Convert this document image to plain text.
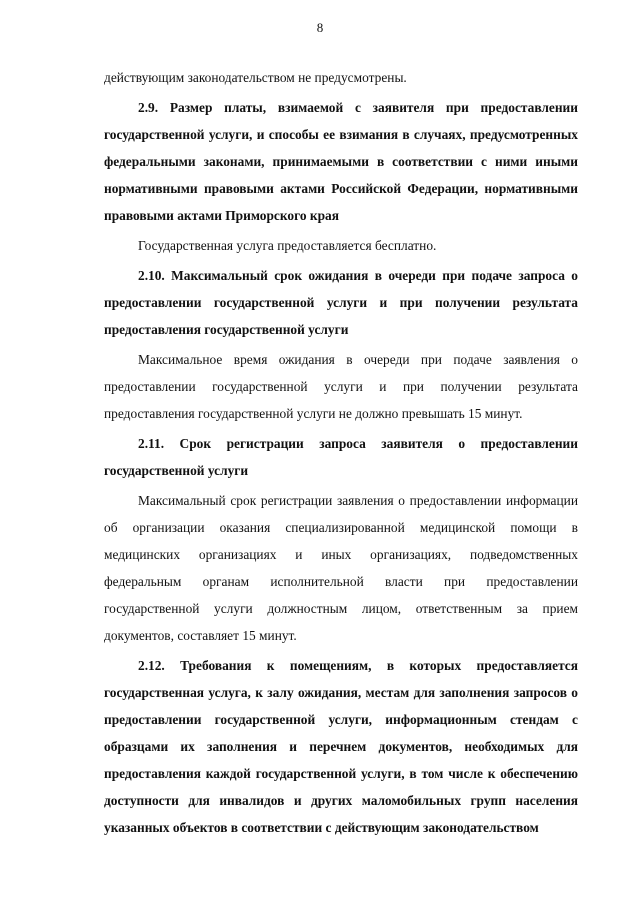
8

действующим законодательством не предусмотрены.

2.9. Размер платы, взимаемой с заявителя при предоставлении государственной услуги, и способы ее взимания в случаях, предусмотренных федеральными законами, принимаемыми в соответствии с ними иными нормативными правовыми актами Российской Федерации, нормативными правовыми актами Приморского края

Государственная услуга предоставляется бесплатно.

2.10. Максимальный срок ожидания в очереди при подаче запроса о предоставлении государственной услуги и при получении результата предоставления государственной услуги

Максимальное время ожидания в очереди при подаче заявления о предоставлении государственной услуги и при получении результата предоставления государственной услуги не должно превышать 15 минут.

2.11. Срок регистрации запроса заявителя о предоставлении государственной услуги

Максимальный срок регистрации заявления о предоставлении информации об организации оказания специализированной медицинской помощи в медицинских организациях и иных организациях, подведомственных федеральным органам исполнительной власти при предоставлении государственной услуги должностным лицом, ответственным за прием документов, составляет 15 минут.

2.12. Требования к помещениям, в которых предоставляется государственная услуга, к залу ожидания, местам для заполнения запросов о предоставлении государственной услуги, информационным стендам с образцами их заполнения и перечнем документов, необходимых для предоставления каждой государственной услуги, в том числе к обеспечению доступности для инвалидов и других маломобильных групп населения указанных объектов в соответствии с действующим законодательством
